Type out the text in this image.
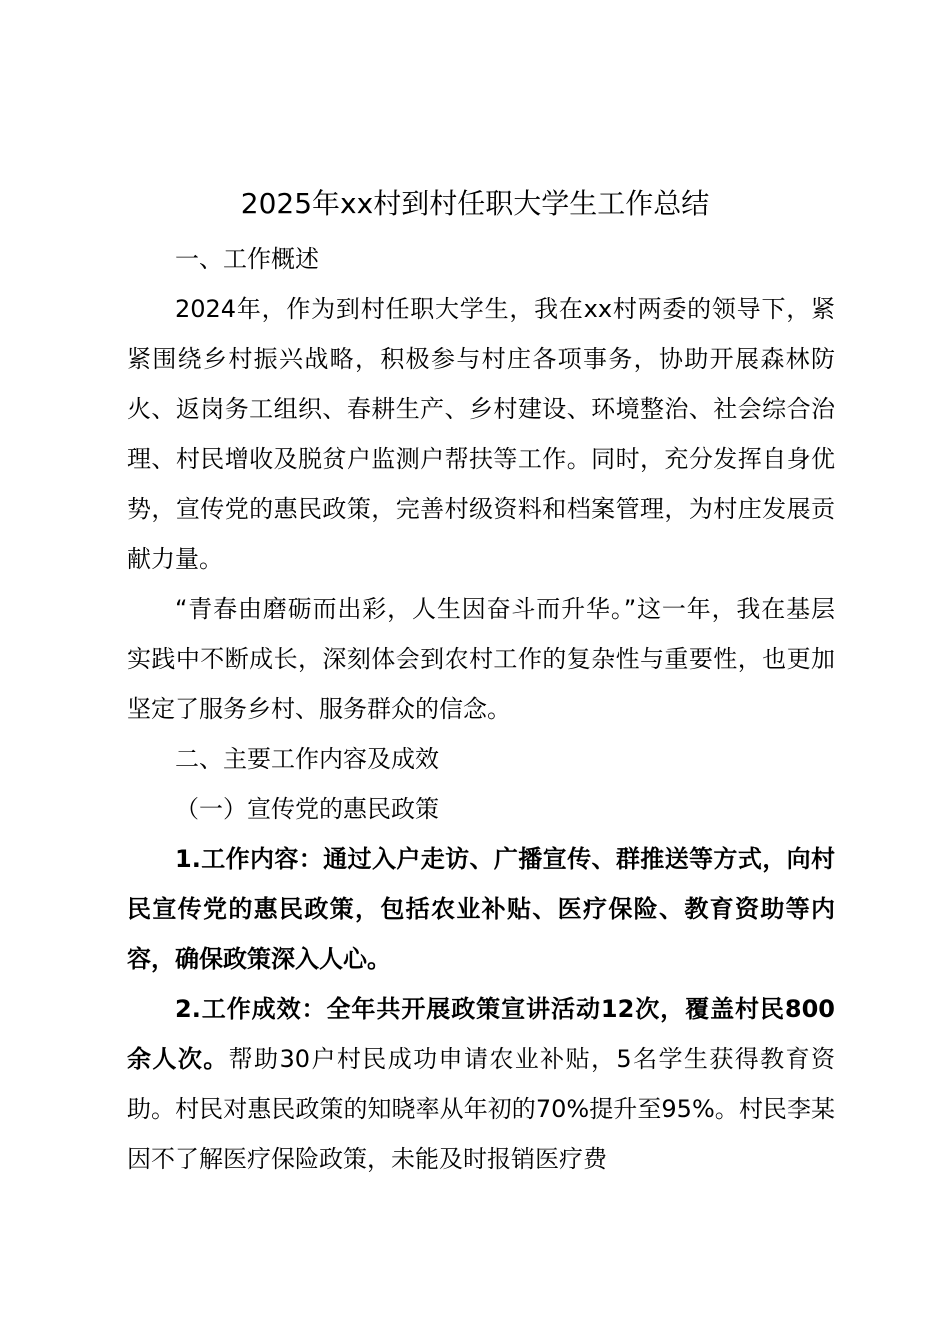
2025年xx村到村任职大学生工作总结

一、工作概述

2024年，作为到村任职大学生，我在xx村两委的领导下，紧紧围绕乡村振兴战略，积极参与村庄各项事务，协助开展森林防火、返岗务工组织、春耕生产、乡村建设、环境整治、社会综合治理、村民增收及脱贫户监测户帮扶等工作。同时，充分发挥自身优势，宣传党的惠民政策，完善村级资料和档案管理，为村庄发展贡献力量。

“青春由磨砺而出彩，人生因奋斗而升华。”这一年，我在基层实践中不断成长，深刻体会到农村工作的复杂性与重要性，也更加坚定了服务乡村、服务群众的信念。

二、主要工作内容及成效

（一）宣传党的惠民政策

1.工作内容：通过入户走访、广播宣传、群推送等方式，向村民宣传党的惠民政策，包括农业补贴、医疗保险、教育资助等内容，确保政策深入人心。

2.工作成效：全年共开展政策宣讲活动12次，覆盖村民800余人次。帮助30户村民成功申请农业补贴，5名学生获得教育资助。村民对惠民政策的知晓率从年初的70%提升至95%。村民李某因不了解医疗保险政策，未能及时报销医疗费
